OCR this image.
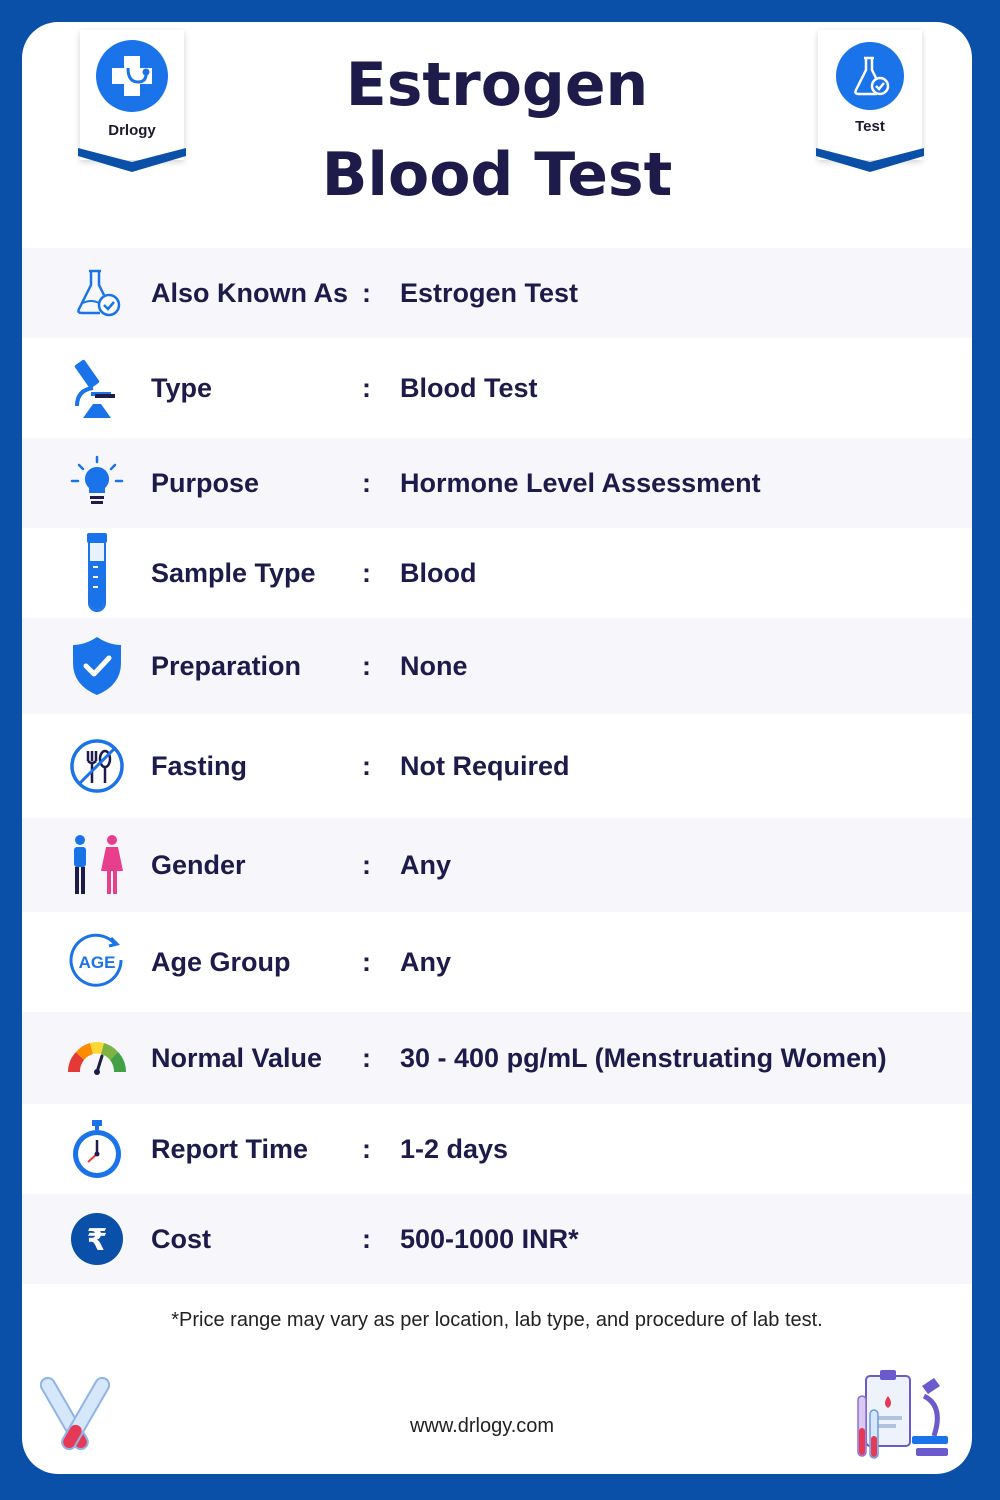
Drlogy	Test
Estrogen
Blood Test
Also Known As : Estrogen Test
Type	: Blood Test
Purpose	: Hormone Level Assessment
Sample Type : Blood
Preparation : None
Fasting	: Not Required
Gender	: Any
AGE Age Group	: Any
Normal Value : 30 - 400 pg/mL (Menstruating Women)
Report Time : 1-2 days
₹ Cost	: 500-1000 INR*
*Price range may vary as per location, lab type, and procedure of lab test.
www.drlogy.com
